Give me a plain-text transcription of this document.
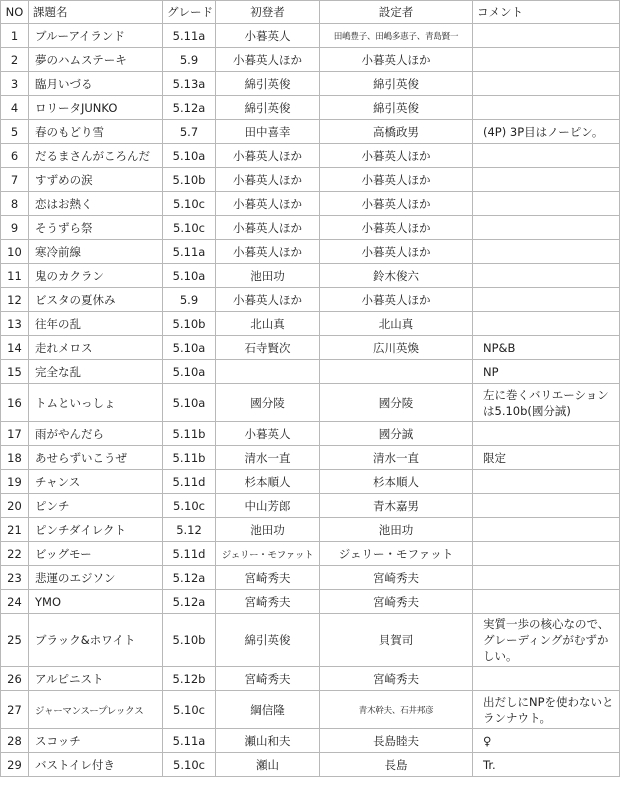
NO	課題名	グレード	初登者	設定者	コメント
1	ブルーアイランド	5.11a	小暮英人	田嶋豊子、田嶋多恵子、青島賢一	
2	夢のハムステーキ	5.9	小暮英人ほか	小暮英人ほか	
3	臨月いづる	5.13a	綿引英俊	綿引英俊	
4	ロリータJUNKO	5.12a	綿引英俊	綿引英俊	
5	春のもどり雪	5.7	田中喜幸	高橋政男	(4P) 3P目はノーピン。
6	だるまさんがころんだ	5.10a	小暮英人ほか	小暮英人ほか	
7	すずめの涙	5.10b	小暮英人ほか	小暮英人ほか	
8	恋はお熱く	5.10c	小暮英人ほか	小暮英人ほか	
9	そうずら祭	5.10c	小暮英人ほか	小暮英人ほか	
10	寒冷前線	5.11a	小暮英人ほか	小暮英人ほか	
11	鬼のカクラン	5.10a	池田功	鈴木俊六	
12	ビスタの夏休み	5.9	小暮英人ほか	小暮英人ほか	
13	往年の乱	5.10b	北山真	北山真	
14	走れメロス	5.10a	石寺賢次	広川英煥	NP&B
15	完全な乱	5.10a			NP
16	トムといっしょ	5.10a	國分陵	國分陵	左に巻くバリエーションは5.10b(國分誠)
17	雨がやんだら	5.11b	小暮英人	國分誠	
18	あせらずいこうぜ	5.11b	清水一直	清水一直	限定
19	チャンス	5.11d	杉本順人	杉本順人	
20	ピンチ	5.10c	中山芳郎	青木嘉男	
21	ピンチダイレクト	5.12	池田功	池田功	
22	ビッグモー	5.11d	ジェリー・モファット	ジェリー・モファット	
23	悲運のエジソン	5.12a	宮崎秀夫	宮崎秀夫	
24	YMO	5.12a	宮崎秀夫	宮崎秀夫	
25	ブラック&ホワイト	5.10b	綿引英俊	貝賀司	実質一歩の核心なので、グレーディングがむずかしい。
26	アルピニスト	5.12b	宮崎秀夫	宮崎秀夫	
27	ジャーマンスープレックス	5.10c	綱信隆	青木幹夫、石井邦彦	出だしにNPを使わないとランナウト。
28	スコッチ	5.11a	瀬山和夫	長島睦夫	♀
29	バストイレ付き	5.10c	瀬山	長島	Tr.
